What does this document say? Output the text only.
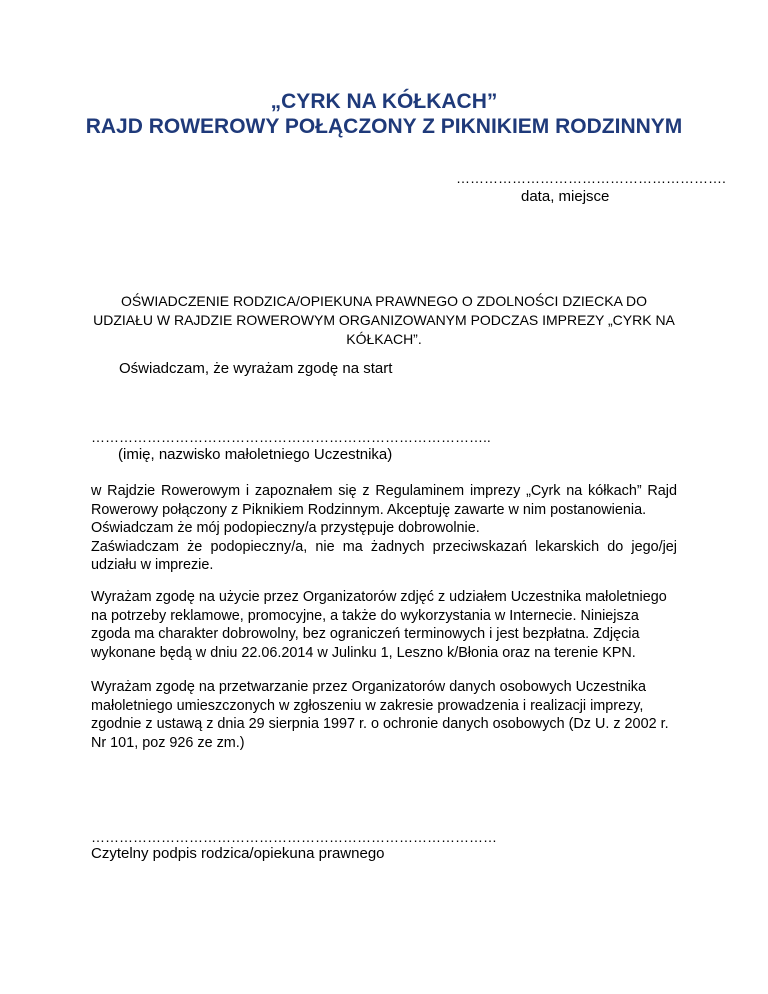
„CYRK NA KÓŁKACH”
RAJD ROWEROWY POŁĄCZONY Z PIKNIKIEM RODZINNYM
………………………………………………….
data, miejsce
OŚWIADCZENIE RODZICA/OPIEKUNA PRAWNEGO O ZDOLNOŚCI DZIECKA DO UDZIAŁU W RAJDZIE ROWEROWYM ORGANIZOWANYM PODCZAS IMPREZY „CYRK NA KÓŁKACH”.
Oświadczam, że wyrażam zgodę na start
…………………………………………………………………………..
(imię, nazwisko małoletniego Uczestnika)
w Rajdzie Rowerowym i zapoznałem się z Regulaminem imprezy „Cyrk na kółkach” Rajd Rowerowy połączony z Piknikiem Rodzinnym. Akceptuję zawarte w nim postanowienia.
Oświadczam że mój podopieczny/a przystępuje dobrowolnie.
Zaświadczam że podopieczny/a, nie ma żadnych przeciwskazań lekarskich do jego/jej udziału w imprezie.
Wyrażam zgodę na użycie przez Organizatorów zdjęć z udziałem Uczestnika małoletniego na potrzeby reklamowe, promocyjne, a także do wykorzystania w Internecie. Niniejsza zgoda ma charakter dobrowolny, bez ograniczeń terminowych i jest bezpłatna. Zdjęcia wykonane będą w dniu 22.06.2014 w Julinku 1, Leszno k/Błonia oraz na terenie KPN.
Wyrażam zgodę na przetwarzanie przez Organizatorów danych osobowych Uczestnika małoletniego umieszczonych w zgłoszeniu w zakresie prowadzenia i realizacji imprezy, zgodnie z ustawą z dnia 29 sierpnia 1997 r. o ochronie danych osobowych (Dz U. z 2002 r. Nr 101, poz 926 ze zm.)
……………………………………………………………………………
Czytelny podpis rodzica/opiekuna prawnego
